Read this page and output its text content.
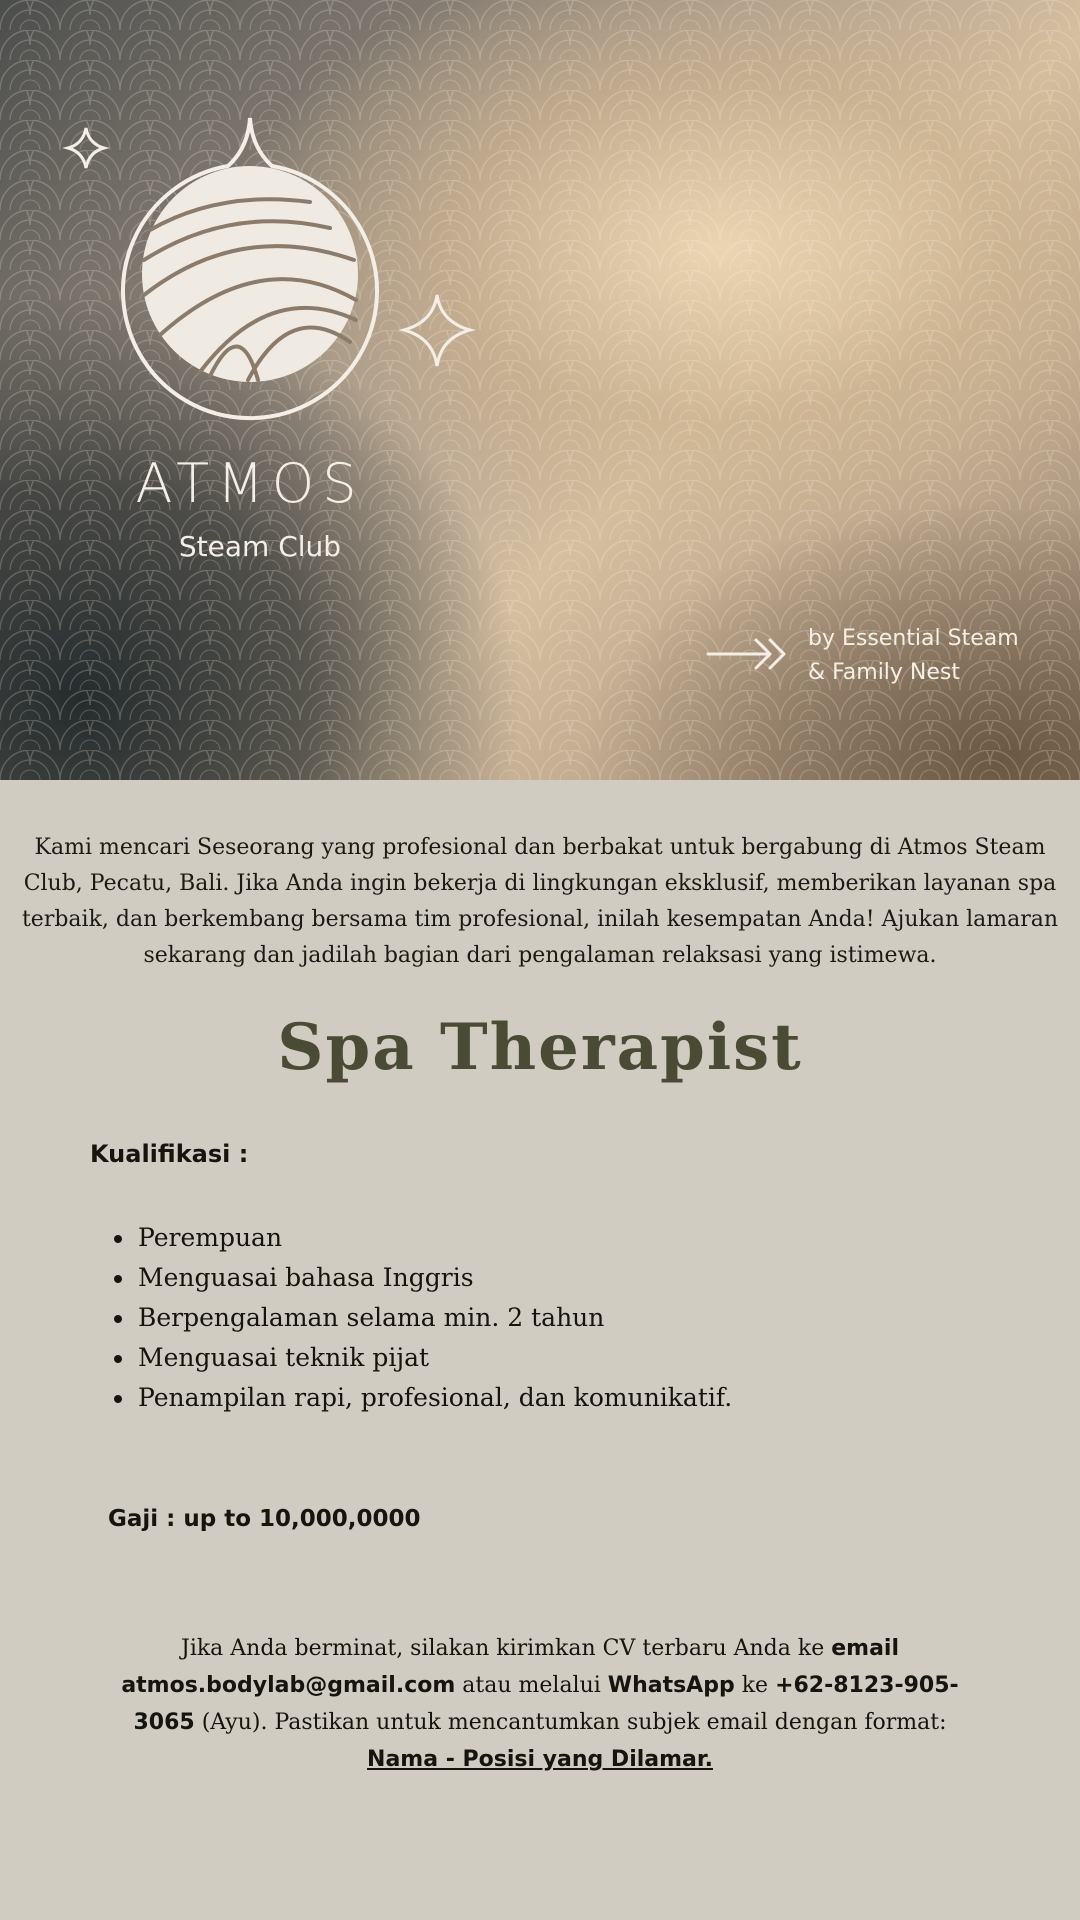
ATMOS
Steam Club
by Essential Steam
& Family Nest
Kami mencari Seseorang yang profesional dan berbakat untuk bergabung di Atmos Steam Club, Pecatu, Bali. Jika Anda ingin bekerja di lingkungan eksklusif, memberikan layanan spa terbaik, dan berkembang bersama tim profesional, inilah kesempatan Anda! Ajukan lamaran sekarang dan jadilah bagian dari pengalaman relaksasi yang istimewa.
Spa Therapist
Kualifikasi :
Perempuan
Menguasai bahasa Inggris
Berpengalaman selama min. 2 tahun
Menguasai teknik pijat
Penampilan rapi, profesional, dan komunikatif.
Gaji : up to 10,000,0000
Jika Anda berminat, silakan kirimkan CV terbaru Anda ke email atmos.bodylab@gmail.com atau melalui WhatsApp ke +62-8123-905-3065 (Ayu). Pastikan untuk mencantumkan subjek email dengan format:
Nama - Posisi yang Dilamar.
